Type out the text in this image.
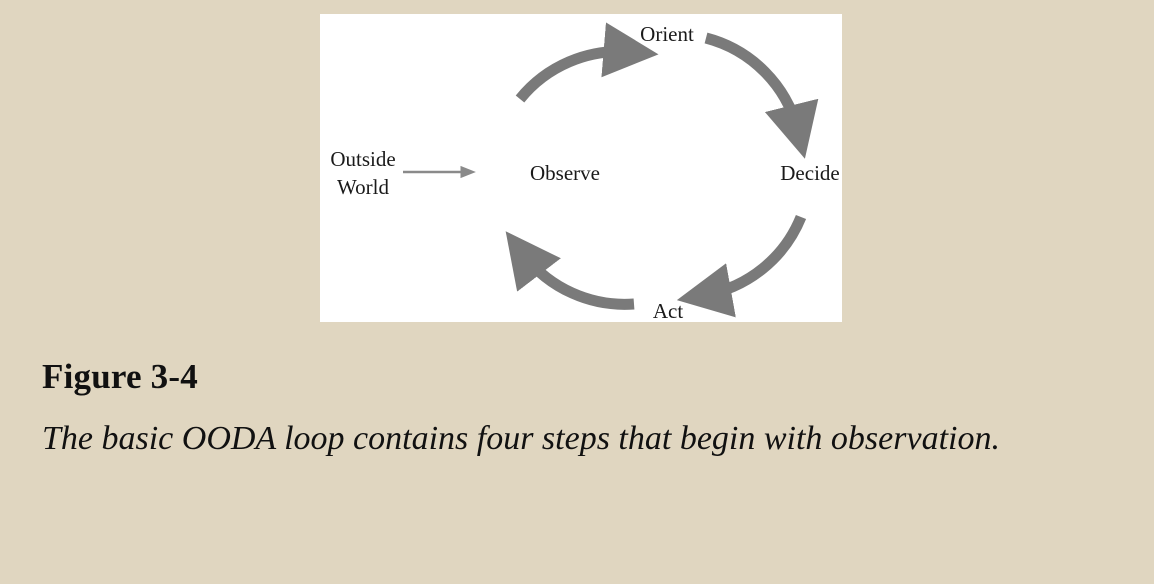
Outside
World
Observe
Orient
Decide
Act
Figure 3-4
The basic OODA loop contains four steps that begin with observation.
